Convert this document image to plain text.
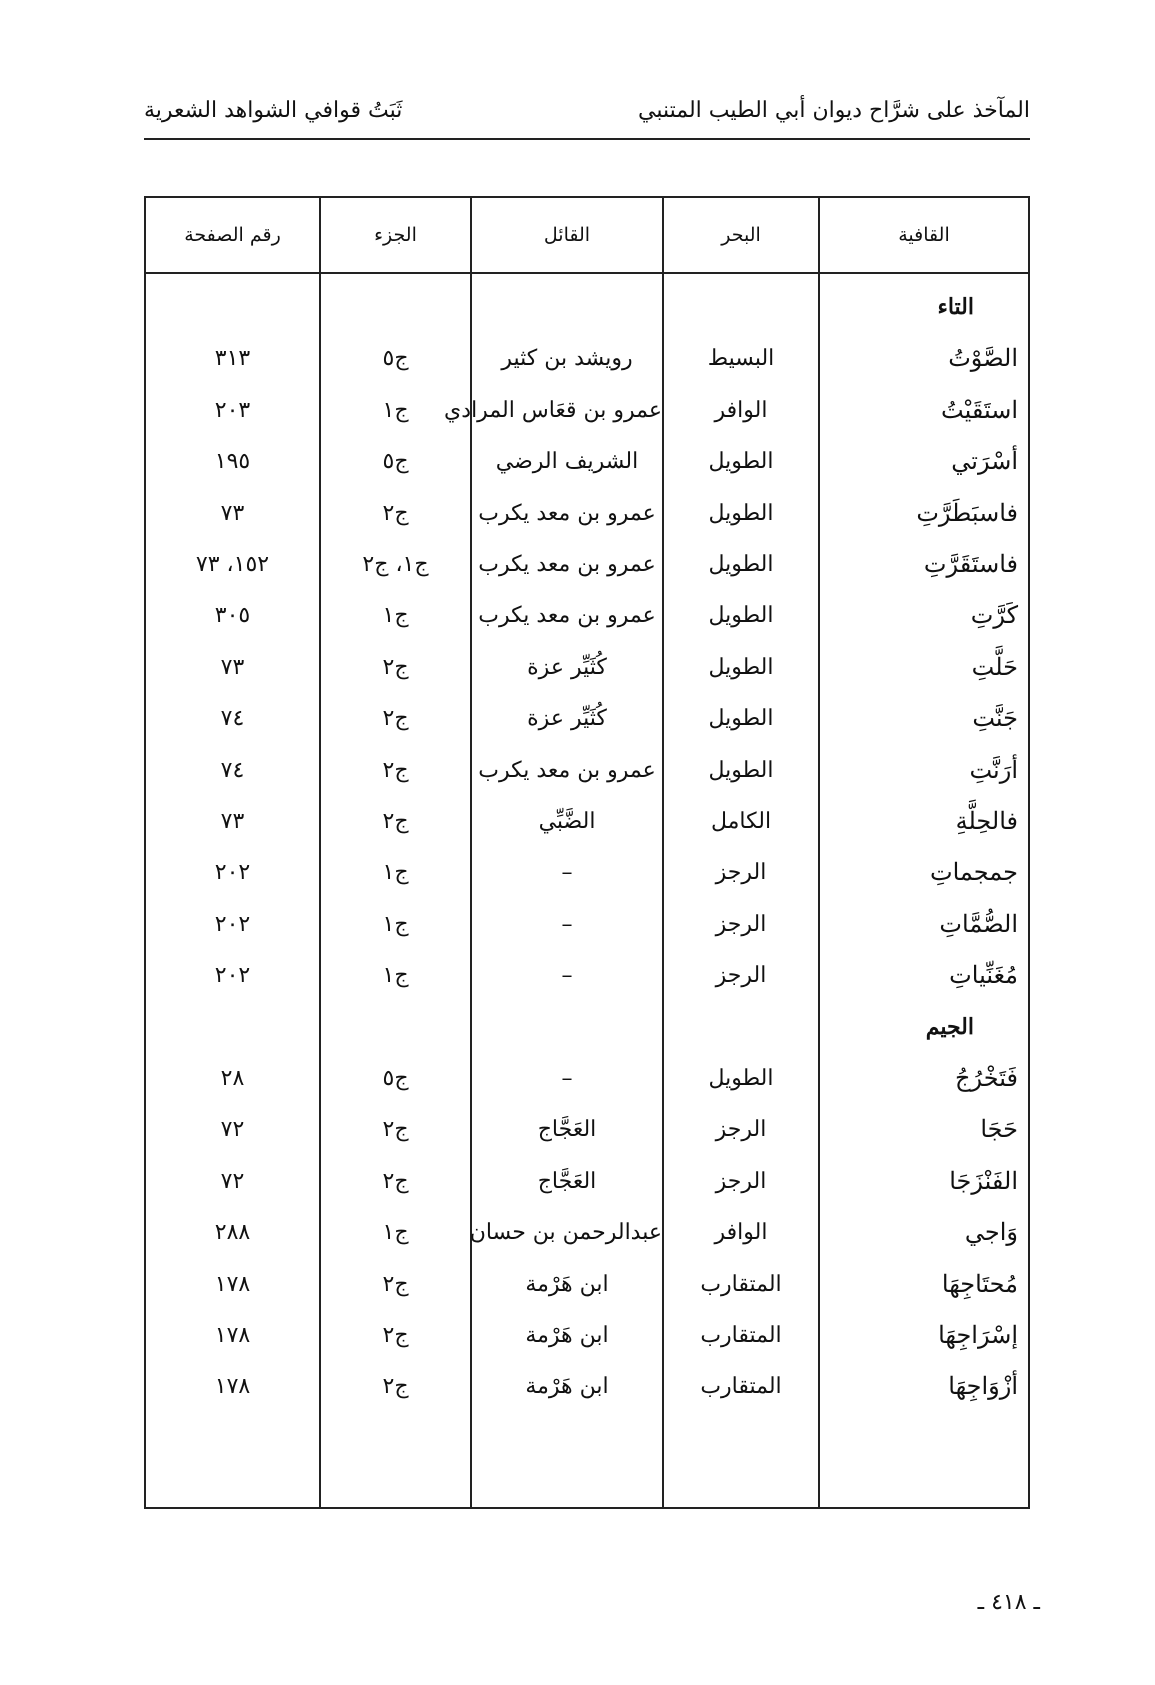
المآخذ على شرَّاح ديوان أبي الطيب المتنبي
ثَبَتُ قوافي الشواهد الشعرية
القافية
البحر
القائل
الجزء
رقم الصفحة
التاء
الصَّوْتُ
البسيط
رويشد بن كثير
ج٥
٣١٣
استَقَيْتُ
الوافر
عمرو بن قعَاس المرادي
ج١
٢٠٣
أسْرَتي
الطويل
الشريف الرضي
ج٥
١٩٥
فاسبَطَرَّتِ
الطويل
عمرو بن معد يكرب
ج٢
٧٣
فاستَقَرَّتِ
الطويل
عمرو بن معد يكرب
ج١، ج٢
١٥٢، ٧٣
كَرَّتِ
الطويل
عمرو بن معد يكرب
ج١
٣٠٥
حَلَّتِ
الطويل
كُثَيِّر عزة
ج٢
٧٣
جَنَّتِ
الطويل
كُثَيِّر عزة
ج٢
٧٤
أرَنَّتِ
الطويل
عمرو بن معد يكرب
ج٢
٧٤
فالحِلَّةِ
الكامل
الضَّبِّي
ج٢
٧٣
جمجماتِ
الرجز
–
ج١
٢٠٢
الصُّمَّاتِ
الرجز
–
ج١
٢٠٢
مُغَنِّياتِ
الرجز
–
ج١
٢٠٢
الجيم
فَتَخْرُجُ
الطويل
–
ج٥
٢٨
حَجَا
الرجز
العَجَّاج
ج٢
٧٢
الفَنْزَجَا
الرجز
العَجَّاج
ج٢
٧٢
وَاجي
الوافر
عبدالرحمن بن حسان
ج١
٢٨٨
مُحتَاجِهَا
المتقارب
ابن هَرْمة
ج٢
١٧٨
إسْرَاجِهَا
المتقارب
ابن هَرْمة
ج٢
١٧٨
أزْوَاجِهَا
المتقارب
ابن هَرْمة
ج٢
١٧٨
ـ ٤١٨ ـ
